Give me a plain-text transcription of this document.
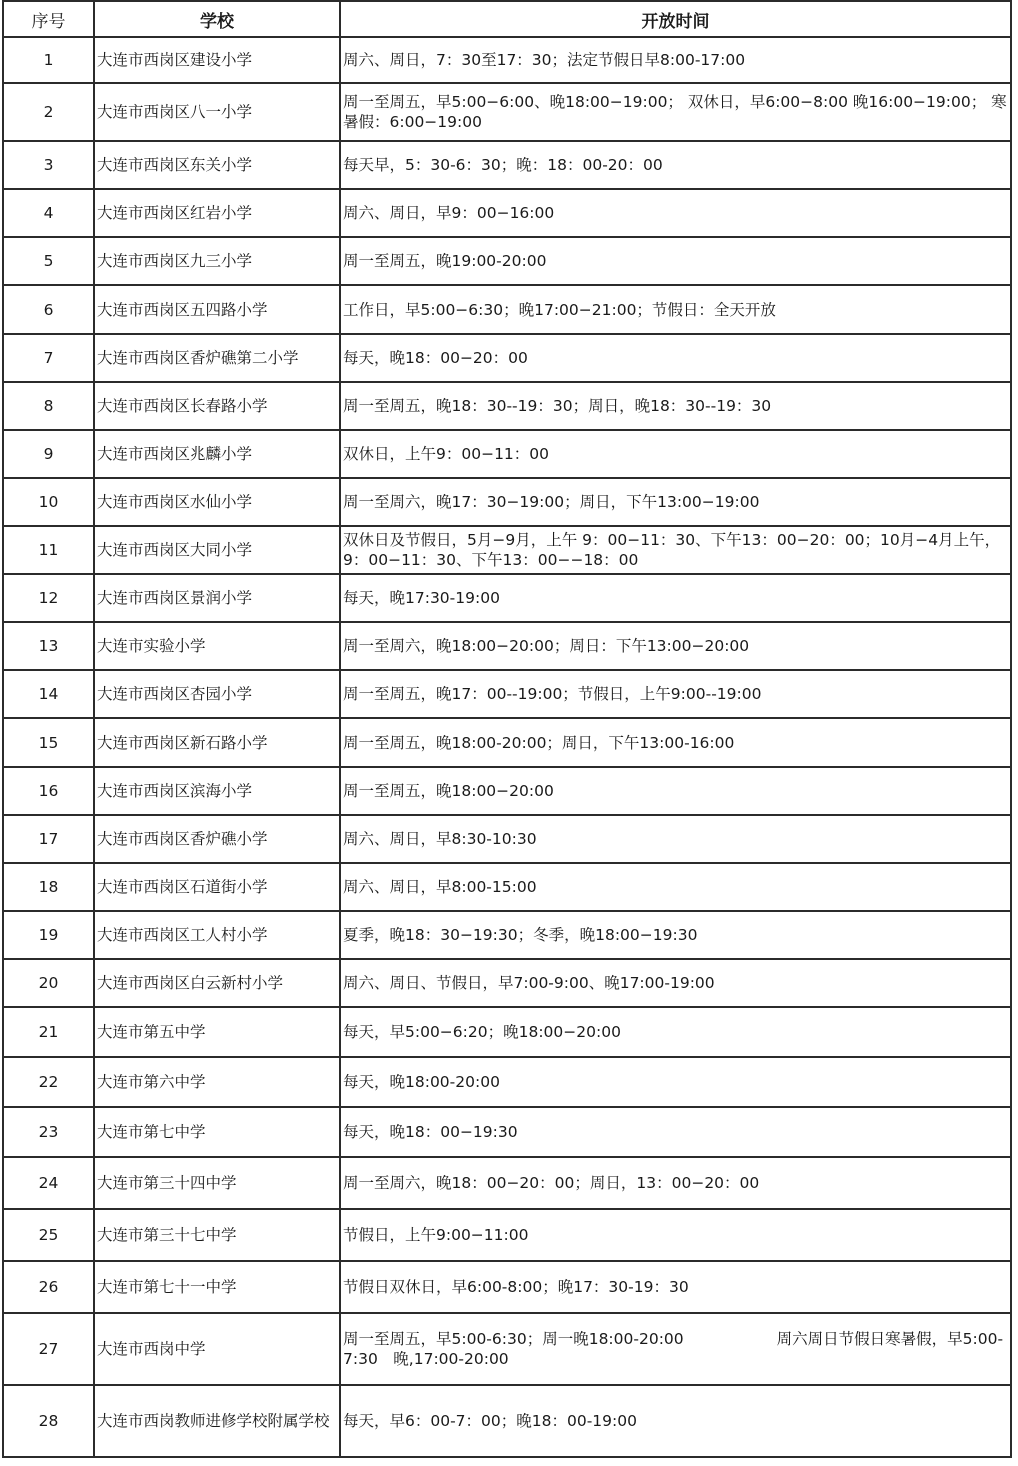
序号	学校	开放时间
1	大连市西岗区建设小学	周六、周日，7：30至17：30；法定节假日早8:00-17:00
2	大连市西岗区八一小学	周一至周五，早5:00−6:00、晚18:00−19:00； 双休日，早6:00−8:00 晚16:00−19:00； 寒暑假：6:00−19:00
3	大连市西岗区东关小学	每天早，5：30-6：30；晚：18：00-20：00
4	大连市西岗区红岩小学	周六、周日，早9：00−16:00
5	大连市西岗区九三小学	周一至周五，晚19:00-20:00
6	大连市西岗区五四路小学	工作日，早5:00−6:30；晚17:00−21:00；节假日：全天开放
7	大连市西岗区香炉礁第二小学	每天，晚18：00−20：00
8	大连市西岗区长春路小学	周一至周五，晚18：30--19：30；周日，晚18：30--19：30
9	大连市西岗区兆麟小学	双休日，上午9：00−11：00
10	大连市西岗区水仙小学	周一至周六，晚17：30−19:00；周日，下午13:00−19:00
11	大连市西岗区大同小学	双休日及节假日，5月−9月，上午 9：00−11：30、下午13：00−20：00；10月−4月上午，9：00−11：30、下午13：00−−18：00
12	大连市西岗区景润小学	每天，晚17:30-19:00
13	大连市实验小学	周一至周六，晚18:00−20:00；周日：下午13:00−20:00
14	大连市西岗区杏园小学	周一至周五，晚17：00--19:00；节假日，上午9:00--19:00
15	大连市西岗区新石路小学	周一至周五，晚18:00-20:00；周日，下午13:00-16:00
16	大连市西岗区滨海小学	周一至周五，晚18:00−20:00
17	大连市西岗区香炉礁小学	周六、周日，早8:30-10:30
18	大连市西岗区石道街小学	周六、周日，早8:00-15:00
19	大连市西岗区工人村小学	夏季，晚18：30−19:30；冬季，晚18:00−19:30
20	大连市西岗区白云新村小学	周六、周日、节假日，早7:00-9:00、晚17:00-19:00
21	大连市第五中学	每天，早5:00−6:20；晚18:00−20:00
22	大连市第六中学	每天，晚18:00-20:00
23	大连市第七中学	每天，晚18：00−19:30
24	大连市第三十四中学	周一至周六，晚18：00−20：00；周日，13：00−20：00
25	大连市第三十七中学	节假日，上午9:00−11:00
26	大连市第七十一中学	节假日双休日，早6:00-8:00；晚17：30-19：30
27	大连市西岗中学	周一至周五，早5:00-6:30；周一晚18:00-20:00　　　　　　周六周日节假日寒暑假，早5:00-7:30　晚,17:00-20:00
28	大连市西岗教师进修学校附属学校	每天，早6：00-7：00；晚18：00-19:00
